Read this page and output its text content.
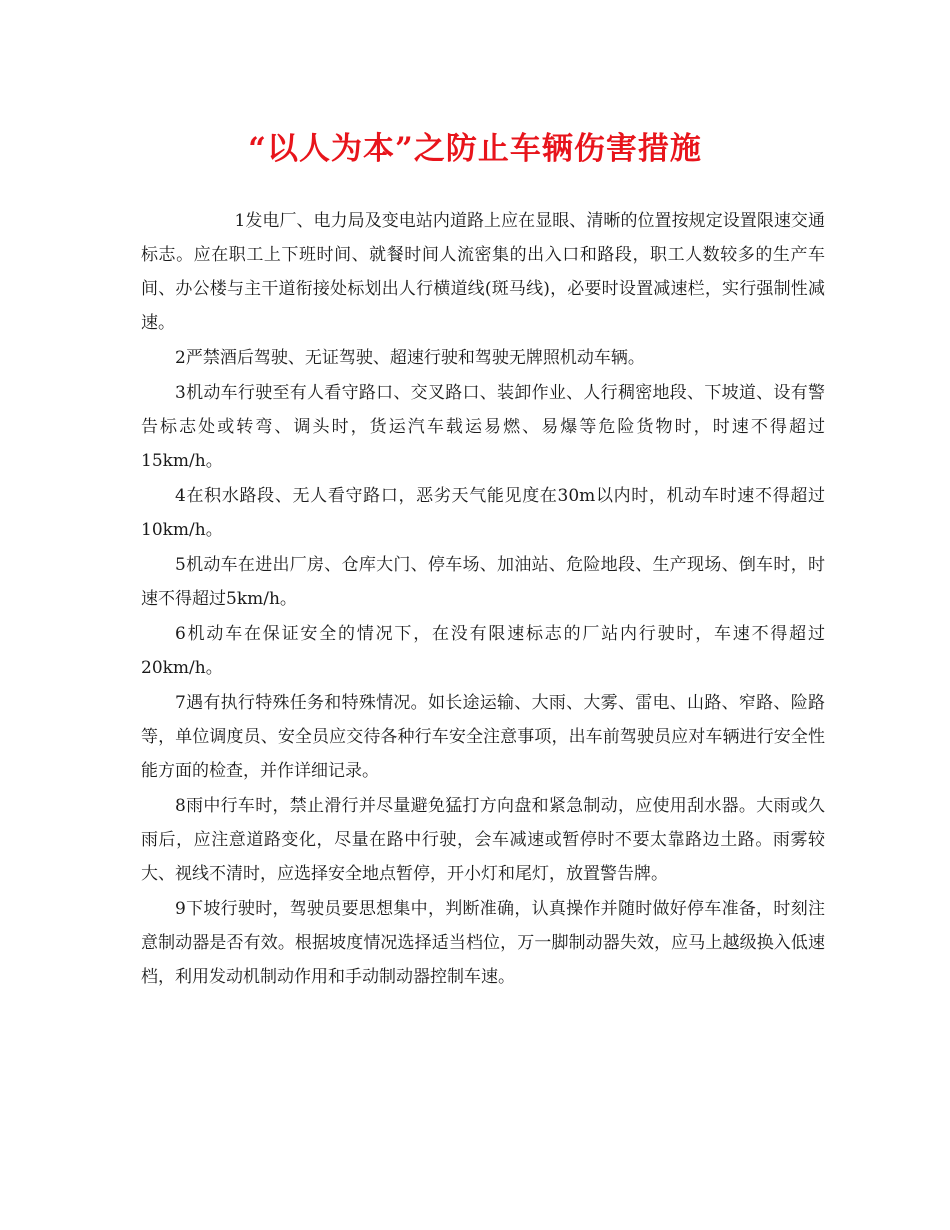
“以人为本”之防止车辆伤害措施

1发电厂、电力局及变电站内道路上应在显眼、清晰的位置按规定设置限速交通标志。应在职工上下班时间、就餐时间人流密集的出入口和路段，职工人数较多的生产车间、办公楼与主干道衔接处标划出人行横道线(斑马线)，必要时设置减速栏，实行强制性减速。

2严禁酒后驾驶、无证驾驶、超速行驶和驾驶无牌照机动车辆。

3机动车行驶至有人看守路口、交叉路口、装卸作业、人行稠密地段、下坡道、设有警告标志处或转弯、调头时，货运汽车载运易燃、易爆等危险货物时，时速不得超过15km/h。

4在积水路段、无人看守路口，恶劣天气能见度在30m以内时，机动车时速不得超过10km/h。

5机动车在进出厂房、仓库大门、停车场、加油站、危险地段、生产现场、倒车时，时速不得超过5km/h。

6机动车在保证安全的情况下，在没有限速标志的厂站内行驶时，车速不得超过20km/h。

7遇有执行特殊任务和特殊情况。如长途运输、大雨、大雾、雷电、山路、窄路、险路等，单位调度员、安全员应交待各种行车安全注意事项，出车前驾驶员应对车辆进行安全性能方面的检查，并作详细记录。

8雨中行车时，禁止滑行并尽量避免猛打方向盘和紧急制动，应使用刮水器。大雨或久雨后，应注意道路变化，尽量在路中行驶，会车减速或暂停时不要太靠路边土路。雨雾较大、视线不清时，应选择安全地点暂停，开小灯和尾灯，放置警告牌。

9下坡行驶时，驾驶员要思想集中，判断准确，认真操作并随时做好停车准备，时刻注意制动器是否有效。根据坡度情况选择适当档位，万一脚制动器失效，应马上越级换入低速档，利用发动机制动作用和手动制动器控制车速。
